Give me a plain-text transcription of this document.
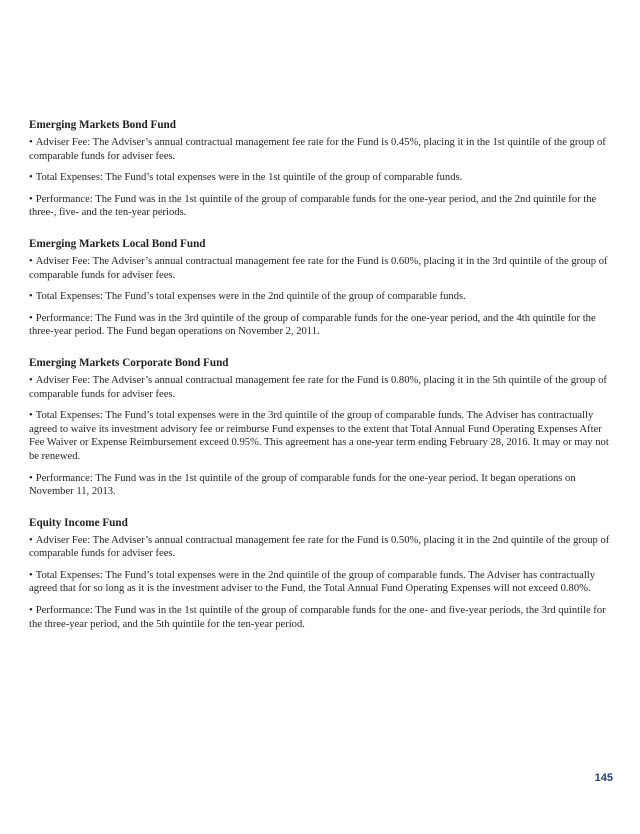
Emerging Markets Bond Fund

• Adviser Fee: The Adviser’s annual contractual management fee rate for the Fund is 0.45%, placing it in the 1st quintile of the group of comparable funds for adviser fees.

• Total Expenses: The Fund’s total expenses were in the 1st quintile of the group of comparable funds.

• Performance: The Fund was in the 1st quintile of the group of comparable funds for the one-year period, and the 2nd quintile for the three-, five- and the ten-year periods.

Emerging Markets Local Bond Fund

• Adviser Fee: The Adviser’s annual contractual management fee rate for the Fund is 0.60%, placing it in the 3rd quintile of the group of comparable funds for adviser fees.

• Total Expenses: The Fund’s total expenses were in the 2nd quintile of the group of comparable funds.

• Performance: The Fund was in the 3rd quintile of the group of comparable funds for the one-year period, and the 4th quintile for the three-year period. The Fund began operations on November 2, 2011.

Emerging Markets Corporate Bond Fund

• Adviser Fee: The Adviser’s annual contractual management fee rate for the Fund is 0.80%, placing it in the 5th quintile of the group of comparable funds for adviser fees.

• Total Expenses: The Fund’s total expenses were in the 3rd quintile of the group of comparable funds. The Adviser has contractually agreed to waive its investment advisory fee or reimburse Fund expenses to the extent that Total Annual Fund Operating Expenses After Fee Waiver or Expense Reimbursement exceed 0.95%. This agreement has a one-year term ending February 28, 2016. It may or may not be renewed.

• Performance: The Fund was in the 1st quintile of the group of comparable funds for the one-year period. It began operations on November 11, 2013.

Equity Income Fund

• Adviser Fee: The Adviser’s annual contractual management fee rate for the Fund is 0.50%, placing it in the 2nd quintile of the group of comparable funds for adviser fees.

• Total Expenses: The Fund’s total expenses were in the 2nd quintile of the group of comparable funds. The Adviser has contractually agreed that for so long as it is the investment adviser to the Fund, the Total Annual Fund Operating Expenses will not exceed 0.80%.

• Performance: The Fund was in the 1st quintile of the group of comparable funds for the one- and five-year periods, the 3rd quintile for the three-year period, and the 5th quintile for the ten-year period.

145
